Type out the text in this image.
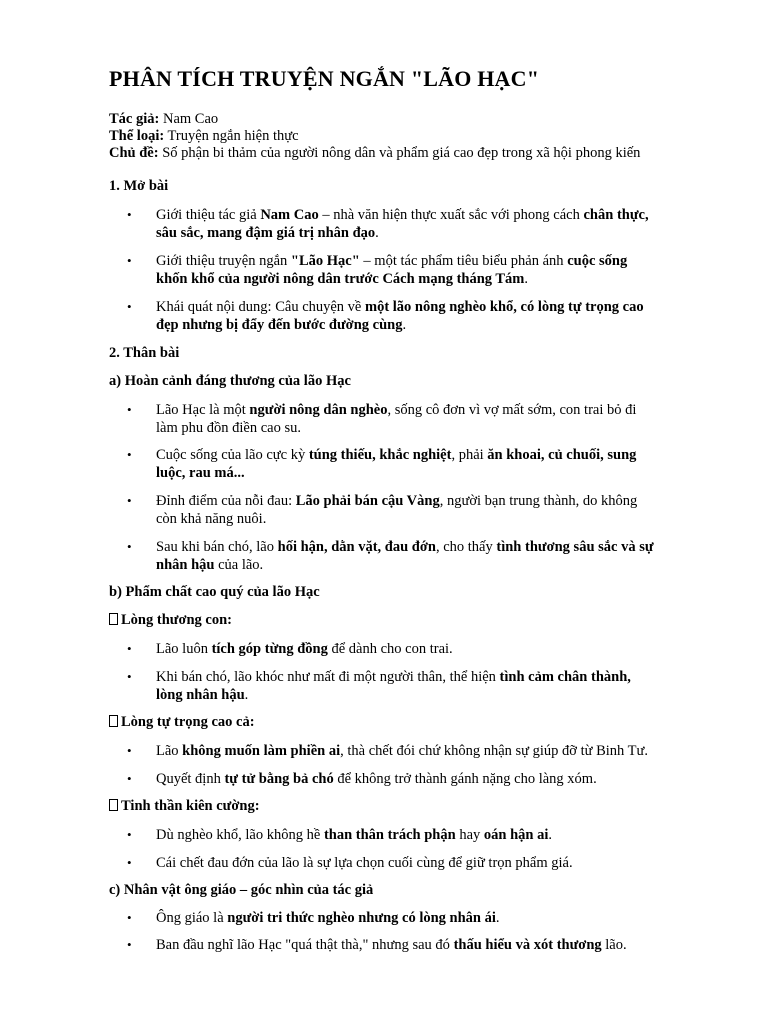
PHÂN TÍCH TRUYỆN NGẮN "LÃO HẠC"
Tác giả: Nam Cao
Thể loại: Truyện ngắn hiện thực
Chủ đề: Số phận bi thảm của người nông dân và phẩm giá cao đẹp trong xã hội phong kiến
1. Mở bài
• Giới thiệu tác giả Nam Cao – nhà văn hiện thực xuất sắc với phong cách chân thực,
sâu sắc, mang đậm giá trị nhân đạo.
• Giới thiệu truyện ngắn "Lão Hạc" – một tác phẩm tiêu biểu phản ánh cuộc sống
khốn khổ của người nông dân trước Cách mạng tháng Tám.
• Khái quát nội dung: Câu chuyện về một lão nông nghèo khổ, có lòng tự trọng cao
đẹp nhưng bị đẩy đến bước đường cùng.
2. Thân bài
a) Hoàn cảnh đáng thương của lão Hạc
• Lão Hạc là một người nông dân nghèo, sống cô đơn vì vợ mất sớm, con trai bỏ đi
làm phu đồn điền cao su.
• Cuộc sống của lão cực kỳ túng thiếu, khắc nghiệt, phải ăn khoai, củ chuối, sung
luộc, rau má...
• Đỉnh điểm của nỗi đau: Lão phải bán cậu Vàng, người bạn trung thành, do không
còn khả năng nuôi.
• Sau khi bán chó, lão hối hận, dằn vặt, đau đớn, cho thấy tình thương sâu sắc và sự
nhân hậu của lão.
b) Phẩm chất cao quý của lão Hạc
Lòng thương con:
• Lão luôn tích góp từng đồng để dành cho con trai.
• Khi bán chó, lão khóc như mất đi một người thân, thể hiện tình cảm chân thành,
lòng nhân hậu.
Lòng tự trọng cao cả:
• Lão không muốn làm phiền ai, thà chết đói chứ không nhận sự giúp đỡ từ Binh Tư.
• Quyết định tự tử bằng bả chó để không trở thành gánh nặng cho làng xóm.
Tinh thần kiên cường:
• Dù nghèo khổ, lão không hề than thân trách phận hay oán hận ai.
• Cái chết đau đớn của lão là sự lựa chọn cuối cùng để giữ trọn phẩm giá.
c) Nhân vật ông giáo – góc nhìn của tác giả
• Ông giáo là người tri thức nghèo nhưng có lòng nhân ái.
• Ban đầu nghĩ lão Hạc "quá thật thà," nhưng sau đó thấu hiểu và xót thương lão.
